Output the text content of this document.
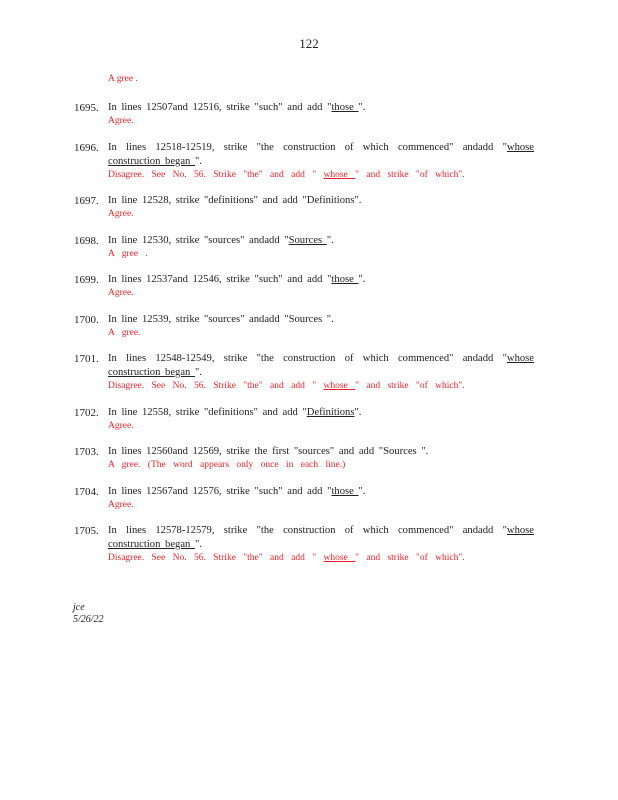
122
A gree .
1695. In lines 12507and 12516, strike "such" and add "those ".
Agree.
1696. In lines 12518-12519, strike "the construction of which commenced" andadd "whose construction began ".
Disagree. See No. 56. Strike "the" and add " whose " and strike "of which".
1697. In line 12528, strike "definitions" and add "Definitions".
Agree.
1698. In line 12530, strike "sources" andadd "Sources ".
A gree .
1699. In lines 12537and 12546, strike "such" and add "those ".
Agree.
1700. In line 12539, strike "sources" andadd "Sources ".
A gree.
1701. In lines 12548-12549, strike "the construction of which commenced" andadd "whose construction began ".
Disagree. See No. 56. Strike "the" and add " whose " and strike "of which".
1702. In line 12558, strike "definitions" and add "Definitions".
Agree.
1703. In lines 12560and 12569, strike the first "sources" and add "Sources ".
A gree. (The word appears only once in each line.)
1704. In lines 12567and 12576, strike "such" and add "those ".
Agree.
1705. In lines 12578-12579, strike "the construction of which commenced" andadd "whose construction began ".
Disagree. See No. 56. Strike "the" and add " whose " and strike "of which".
jce
5/26/22
